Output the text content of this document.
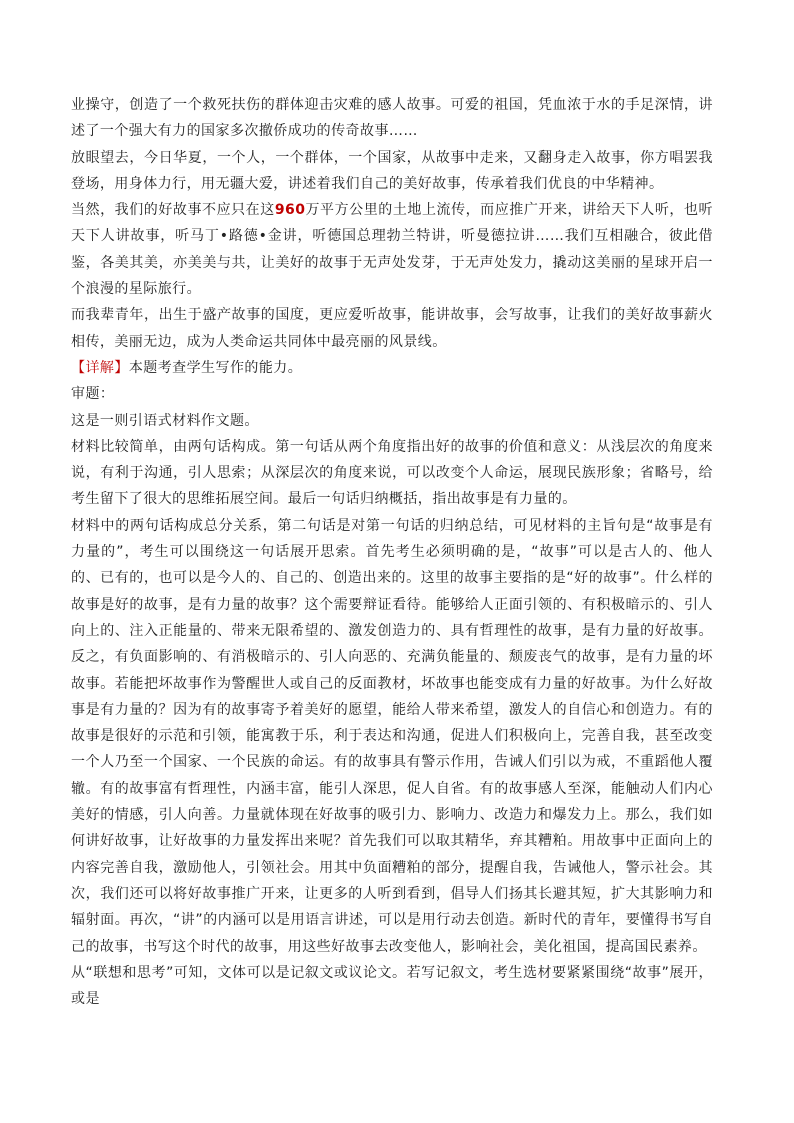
业操守，创造了一个救死扶伤的群体迎击灾难的感人故事。可爱的祖国，凭血浓于水的手足深情，讲述了一个强大有力的国家多次撤侨成功的传奇故事……

放眼望去，今日华夏，一个人，一个群体，一个国家，从故事中走来，又翻身走入故事，你方唱罢我登场，用身体力行，用无疆大爱，讲述着我们自己的美好故事，传承着我们优良的中华精神。

当然，我们的好故事不应只在这960万平方公里的土地上流传，而应推广开来，讲给天下人听，也听天下人讲故事，听马丁•路德•金讲，听德国总理勃兰特讲，听曼德拉讲……我们互相融合，彼此借鉴，各美其美，亦美美与共，让美好的故事于无声处发芽，于无声处发力，撬动这美丽的星球开启一个浪漫的星际旅行。

而我辈青年，出生于盛产故事的国度，更应爱听故事，能讲故事，会写故事，让我们的美好故事薪火相传，美丽无边，成为人类命运共同体中最亮丽的风景线。

【详解】本题考查学生写作的能力。

审题：

这是一则引语式材料作文题。

材料比较简单，由两句话构成。第一句话从两个角度指出好的故事的价值和意义：从浅层次的角度来说，有利于沟通，引人思索；从深层次的角度来说，可以改变个人命运，展现民族形象；省略号，给考生留下了很大的思维拓展空间。最后一句话归纳概括，指出故事是有力量的。

材料中的两句话构成总分关系，第二句话是对第一句话的归纳总结，可见材料的主旨句是“故事是有力量的”，考生可以围绕这一句话展开思索。首先考生必须明确的是，“故事”可以是古人的、他人的、已有的，也可以是今人的、自己的、创造出来的。这里的故事主要指的是“好的故事”。什么样的故事是好的故事，是有力量的故事？这个需要辩证看待。能够给人正面引领的、有积极暗示的、引人向上的、注入正能量的、带来无限希望的、激发创造力的、具有哲理性的故事，是有力量的好故事。反之，有负面影响的、有消极暗示的、引人向恶的、充满负能量的、颓废丧气的故事，是有力量的坏故事。若能把坏故事作为警醒世人或自己的反面教材，坏故事也能变成有力量的好故事。为什么好故事是有力量的？因为有的故事寄予着美好的愿望，能给人带来希望，激发人的自信心和创造力。有的故事是很好的示范和引领，能寓教于乐，利于表达和沟通，促进人们积极向上，完善自我，甚至改变一个人乃至一个国家、一个民族的命运。有的故事具有警示作用，告诫人们引以为戒，不重蹈他人覆辙。有的故事富有哲理性，内涵丰富，能引人深思，促人自省。有的故事感人至深，能触动人们内心美好的情感，引人向善。力量就体现在好故事的吸引力、影响力、改造力和爆发力上。那么，我们如何讲好故事，让好故事的力量发挥出来呢？首先我们可以取其精华，弃其糟粕。用故事中正面向上的内容完善自我，激励他人，引领社会。用其中负面糟粕的部分，提醒自我，告诫他人，警示社会。其次，我们还可以将好故事推广开来，让更多的人听到看到，倡导人们扬其长避其短，扩大其影响力和辐射面。再次，“讲”的内涵可以是用语言讲述，可以是用行动去创造。新时代的青年，要懂得书写自己的故事，书写这个时代的故事，用这些好故事去改变他人，影响社会，美化祖国，提高国民素养。

从“联想和思考”可知，文体可以是记叙文或议论文。若写记叙文，考生选材要紧紧围绕“故事”展开，或是
